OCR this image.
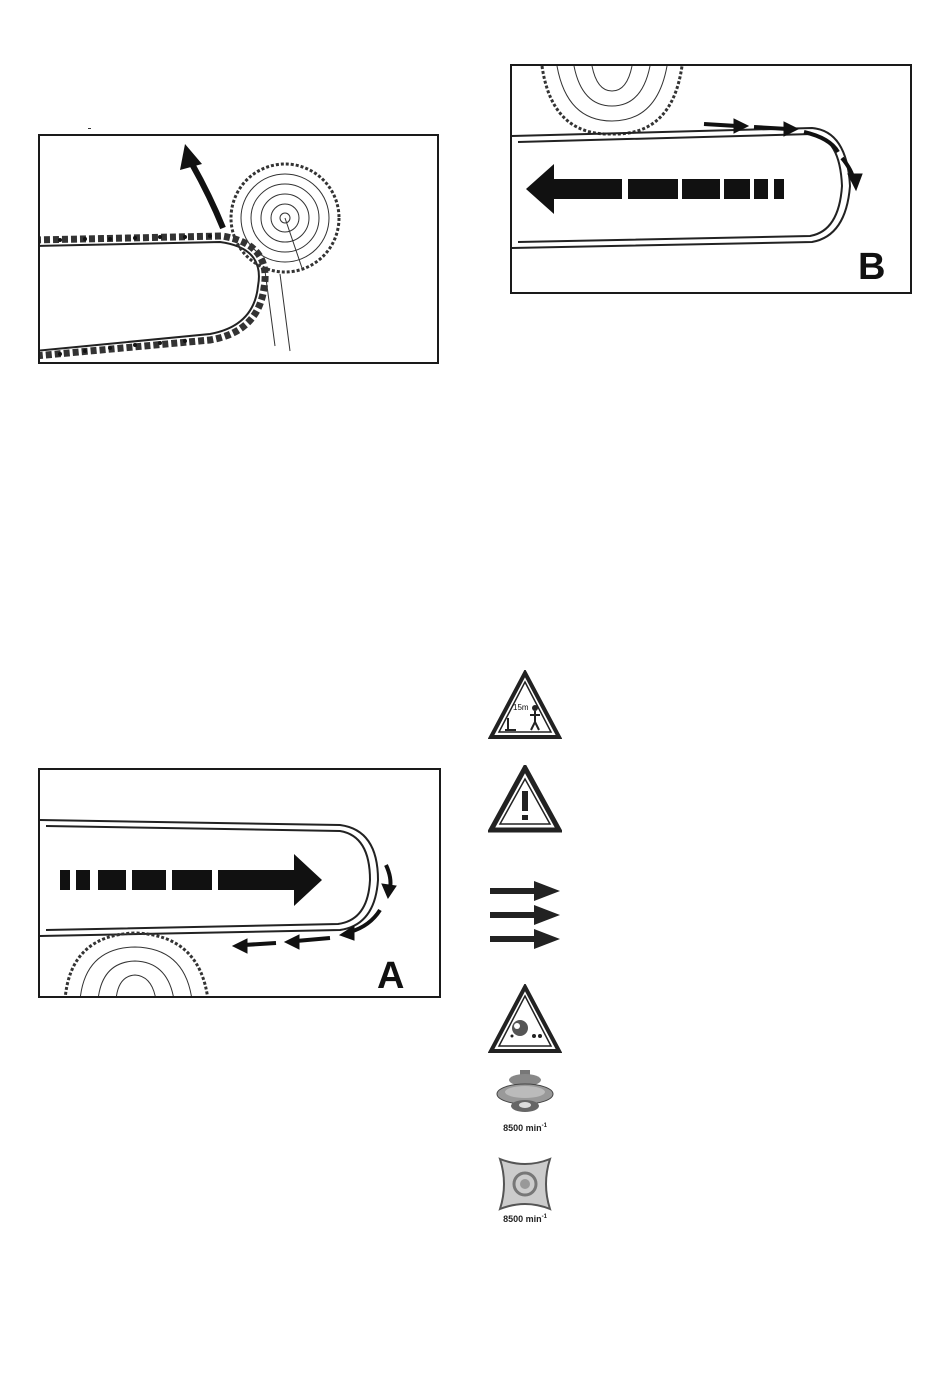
B
A
15m
8500 $\min^{-1}$
8500 $\min^{-1}$
